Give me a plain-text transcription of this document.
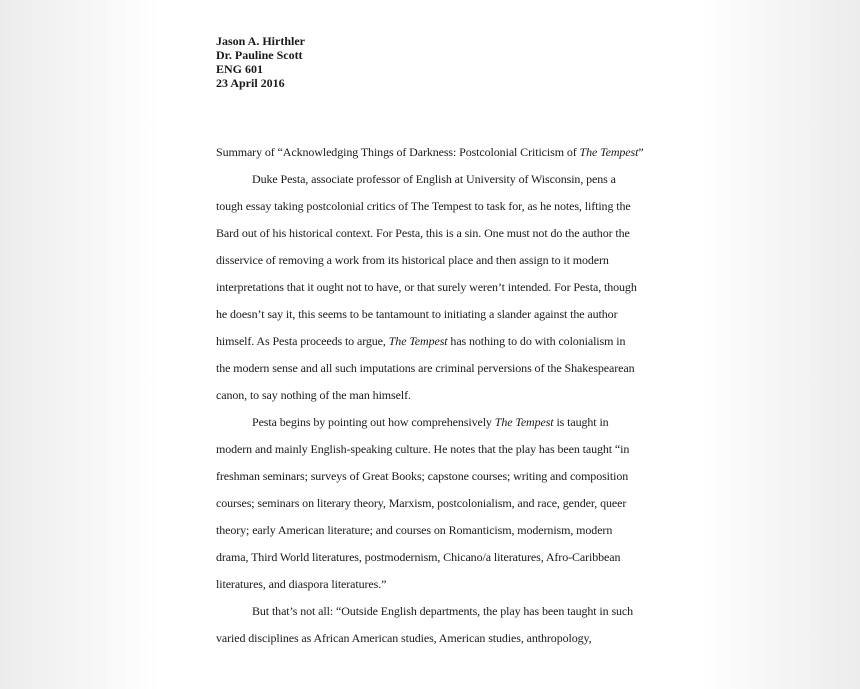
Jason A. Hirthler
Dr. Pauline Scott
ENG 601
23 April 2016
Summary of “Acknowledging Things of Darkness: Postcolonial Criticism of The Tempest”
Duke Pesta, associate professor of English at University of Wisconsin, pens a
tough essay taking postcolonial critics of The Tempest to task for, as he notes, lifting the
Bard out of his historical context. For Pesta, this is a sin. One must not do the author the
disservice of removing a work from its historical place and then assign to it modern
interpretations that it ought not to have, or that surely weren’t intended. For Pesta, though
he doesn’t say it, this seems to be tantamount to initiating a slander against the author
himself. As Pesta proceeds to argue, The Tempest has nothing to do with colonialism in
the modern sense and all such imputations are criminal perversions of the Shakespearean
canon, to say nothing of the man himself.
Pesta begins by pointing out how comprehensively The Tempest is taught in
modern and mainly English-speaking culture. He notes that the play has been taught “in
freshman seminars; surveys of Great Books; capstone courses; writing and composition
courses; seminars on literary theory, Marxism, postcolonialism, and race, gender, queer
theory; early American literature; and courses on Romanticism, modernism, modern
drama, Third World literatures, postmodernism, Chicano/a literatures, Afro-Caribbean
literatures, and diaspora literatures.”
But that’s not all: “Outside English departments, the play has been taught in such
varied disciplines as African American studies, American studies, anthropology,
